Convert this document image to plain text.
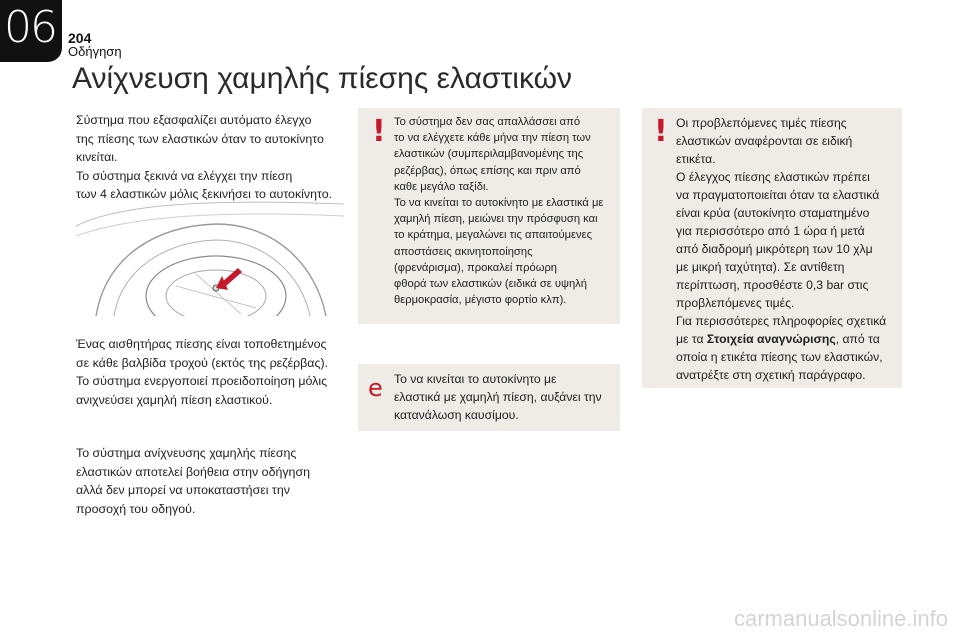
06 204
Οδήγηση
Ανίχνευση χαμηλής πίεσης ελαστικών
Σύστημα που εξασφαλίζει αυτόματο έλεγχο
της πίεσης των ελαστικών όταν το αυτοκίνητο
κινείται.
Το σύστημα ξεκινά να ελέγχει την πίεση
των 4 ελαστικών μόλις ξεκινήσει το αυτοκίνητο.
Ένας αισθητήρας πίεσης είναι τοποθετημένος
σε κάθε βαλβίδα τροχού (εκτός της ρεζέρβας).
Το σύστημα ενεργοποιεί προειδοποίηση μόλις
ανιχνεύσει χαμηλή πίεση ελαστικού.
Το σύστημα ανίχνευσης χαμηλής πίεσης
ελαστικών αποτελεί βοήθεια στην οδήγηση
αλλά δεν μπορεί να υποκαταστήσει την
προσοχή του οδηγού.
! Το σύστημα δεν σας απαλλάσσει από
το να ελέγχετε κάθε μήνα την πίεση των
ελαστικών (συμπεριλαμβανομένης της
ρεζέρβας), όπως επίσης και πριν από
καθε μεγάλο ταξίδι.
Το να κινείται το αυτοκίνητο με ελαστικά με
χαμηλή πίεση, μειώνει την πρόσφυση και
το κράτημα, μεγαλώνει τις απαιτούμενες
αποστάσεις ακινητοποίησης
(φρενάρισμα), προκαλεί πρόωρη
φθορά των ελαστικών (ειδικά σε υψηλή
θερμοκρασία, μέγιστο φορτίο κλπ).
e Το να κινείται το αυτοκίνητο με
ελαστικά με χαμηλή πίεση, αυξάνει την
κατανάλωση καυσίμου.
! Οι προβλεπόμενες τιμές πίεσης
ελαστικών αναφέρονται σε ειδική
ετικέτα.
Ο έλεγχος πίεσης ελαστικών πρέπει
να πραγματοποιείται όταν τα ελαστικά
είναι κρύα (αυτοκίνητο σταματημένο
για περισσότερο από 1 ώρα ή μετά
από διαδρομή μικρότερη των 10 χλμ
με μικρή ταχύτητα). Σε αντίθετη
περίπτωση, προσθέστε 0,3 bar στις
προβλεπόμενες τιμές.
Για περισσότερες πληροφορίες σχετικά
με τα Στοιχεία αναγνώρισης, από τα
οποία η ετικέτα πίεσης των ελαστικών,
ανατρέξτε στη σχετική παράγραφο.
carmanualsonline.info
